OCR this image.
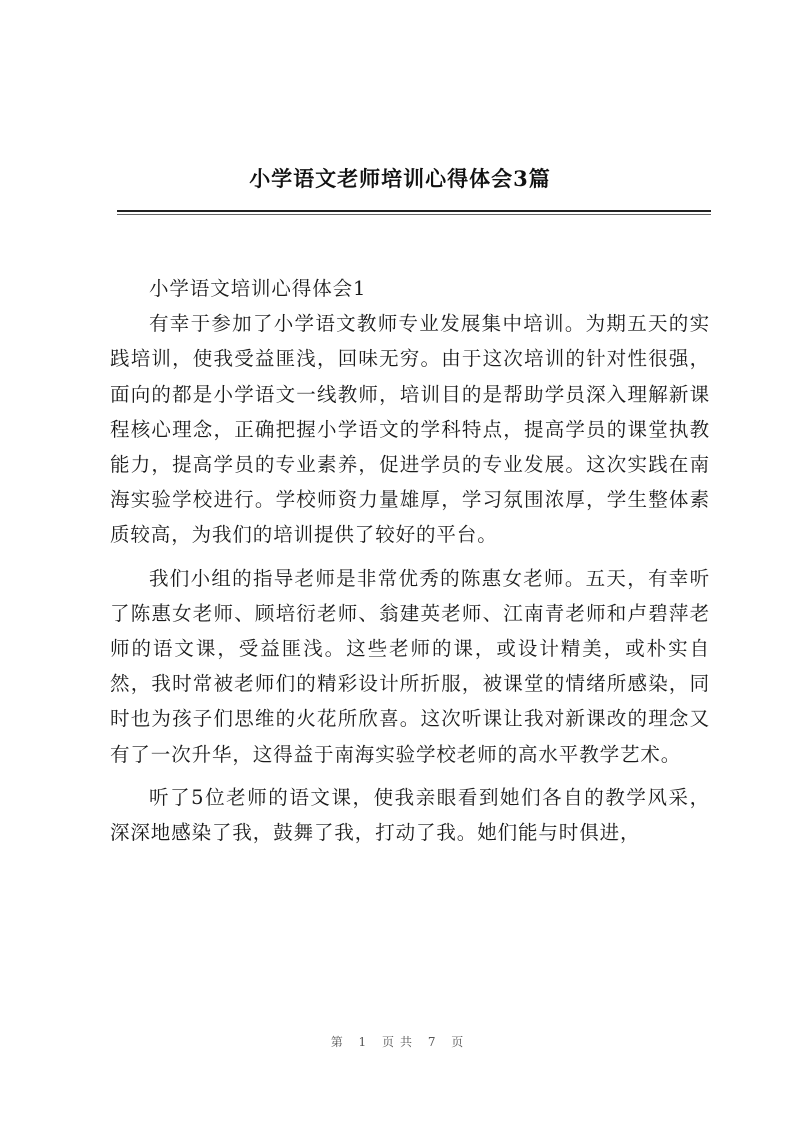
小学语文老师培训心得体会3篇

小学语文培训心得体会1

有幸于参加了小学语文教师专业发展集中培训。为期五天的实践培训，使我受益匪浅，回味无穷。由于这次培训的针对性很强，面向的都是小学语文一线教师，培训目的是帮助学员深入理解新课程核心理念，正确把握小学语文的学科特点，提高学员的课堂执教能力，提高学员的专业素养，促进学员的专业发展。这次实践在南海实验学校进行。学校师资力量雄厚，学习氛围浓厚，学生整体素质较高，为我们的培训提供了较好的平台。

我们小组的指导老师是非常优秀的陈惠女老师。五天，有幸听了陈惠女老师、顾培衍老师、翁建英老师、江南青老师和卢碧萍老师的语文课，受益匪浅。这些老师的课，或设计精美，或朴实自然，我时常被老师们的精彩设计所折服，被课堂的情绪所感染，同时也为孩子们思维的火花所欣喜。这次听课让我对新课改的理念又有了一次升华，这得益于南海实验学校老师的高水平教学艺术。

听了5位老师的语文课，使我亲眼看到她们各自的教学风采，深深地感染了我，鼓舞了我，打动了我。她们能与时俱进，

第 1 页共 7 页
